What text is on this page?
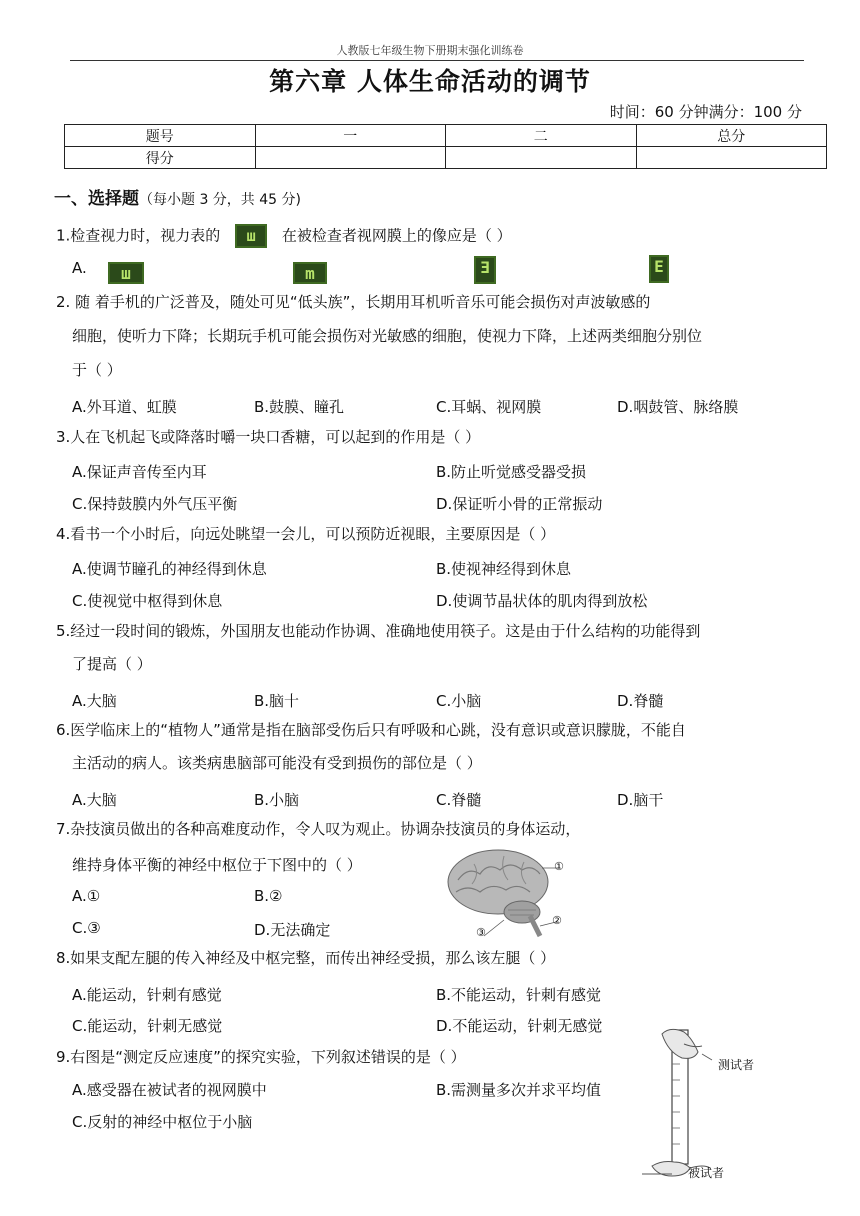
人教版七年级生物下册期末强化训练卷
第六章 人体生命活动的调节
时间：60 分钟满分：100 分
题号	一	二	总分
得分			
一、选择题（每小题 3 分，共 45 分)
1.检查视力时，视力表的 ш 在被检查者视网膜上的像应是（ ）
A.	ш	m	Ǝ	E
2. 随 着手机的广泛普及，随处可见“低头族”，长期用耳机听音乐可能会损伤对声波敏感的
细胞，使听力下降；长期玩手机可能会损伤对光敏感的细胞，使视力下降，上述两类细胞分别位
于（ ）
A.外耳道、虹膜	B.鼓膜、瞳孔	C.耳蜗、视网膜	D.咽鼓管、脉络膜
3.人在飞机起飞或降落时嚼一块口香糖，可以起到的作用是（ ）
A.保证声音传至内耳	B.防止听觉感受器受损
C.保持鼓膜内外气压平衡	D.保证听小骨的正常振动
4.看书一个小时后，向远处眺望一会儿，可以预防近视眼，主要原因是（ ）
A.使调节瞳孔的神经得到休息	B.使视神经得到休息
C.使视觉中枢得到休息	D.使调节晶状体的肌肉得到放松
5.经过一段时间的锻炼，外国朋友也能动作协调、准确地使用筷子。这是由于什么结构的功能得到
了提高（ ）
A.大脑	B.脑十	C.小脑	D.脊髓
6.医学临床上的“植物人”通常是指在脑部受伤后只有呼吸和心跳，没有意识或意识朦胧，不能自
主活动的病人。该类病患脑部可能没有受到损伤的部位是（ ）
A.大脑	B.小脑	C.脊髓	D.脑干
7.杂技演员做出的各种高难度动作，令人叹为观止。协调杂技演员的身体运动，
维持身体平衡的神经中枢位于下图中的（ ）
A.①	B.②
C.③	D.无法确定
①
②
③
8.如果支配左腿的传入神经及中枢完整，而传出神经受损，那么该左腿（ ）
A.能运动，针刺有感觉	B.不能运动，针刺有感觉
C.能运动，针刺无感觉	D.不能运动，针刺无感觉
9.右图是“测定反应速度”的探究实验，下列叙述错误的是（ ）
A.感受器在被试者的视网膜中	B.需测量多次并求平均值
C.反射的神经中枢位于小脑
测试者
被试者
